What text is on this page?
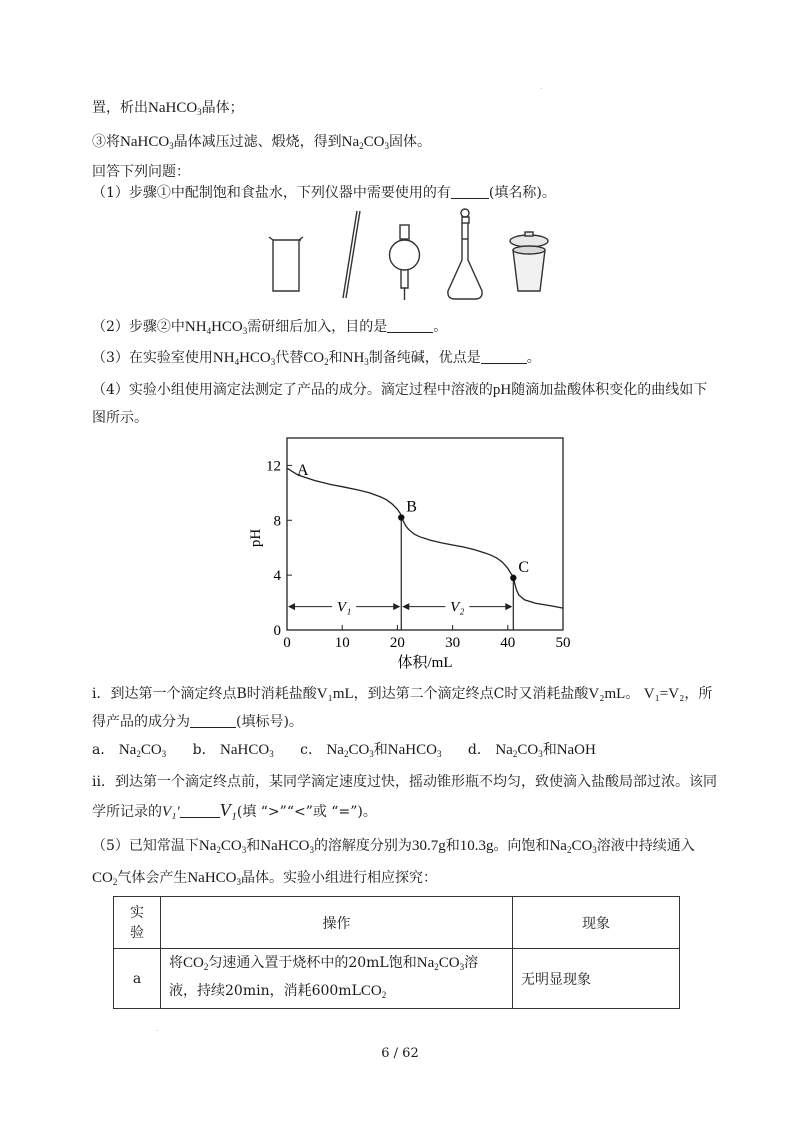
.
置，析出NaHCO$_3$晶体；
③将NaHCO$_3$晶体减压过滤、煅烧，得到$Na_2CO_3$固体。
回答下列问题：
（1）步骤①中配制饱和食盐水，下列仪器中需要使用的有	(填名称)。
（2）步骤②中$NH_4HCO_3$需研细后加入，目的是	。
（3）在实验室使用$NH_4HCO_3$代替$CO_2$和$NH_3$制备纯碱，优点是	。
（4）实验小组使用滴定法测定了产品的成分。滴定过程中溶液的pH随滴加盐酸体积变化的曲线如下
图所示。
0	10	20	30	40	50
0
4
8
12
V₁	V₂
A
B
C
体积/mL
pH
i．到达第一个滴定终点B时消耗盐酸V₁mL，到达第二个滴定终点C时又消耗盐酸V₂mL。 V₁=V₂，所
得产品的成分为	(填标号)。
a． $Na_2CO_3$ b． NaHCO$_3$ c． $Na_2CO_3$和NaHCO$_3$ d． $Na_2CO_3$和NaOH
ii．到达第一个滴定终点前，某同学滴定速度过快，摇动锥形瓶不均匀，致使滴入盐酸局部过浓。该同
学所记录的V₁' V₁(填 “>”“<”或 “=”)。
（5）已知常温下$Na_2CO_3$和NaHCO$_3$的溶解度分别为30.7g和10.3g。向饱和$Na_2CO_3$溶液中持续通入
$CO_2$气体会产生NaHCO$_3$晶体。实验小组进行相应探究：
实
验	操作	现象
a	将$CO_2$匀速通入置于烧杯中的20mL饱和$Na_2CO_3$溶
液，持续20min，消耗600mLCO$_2$	无明显现象
.
6 / 62
